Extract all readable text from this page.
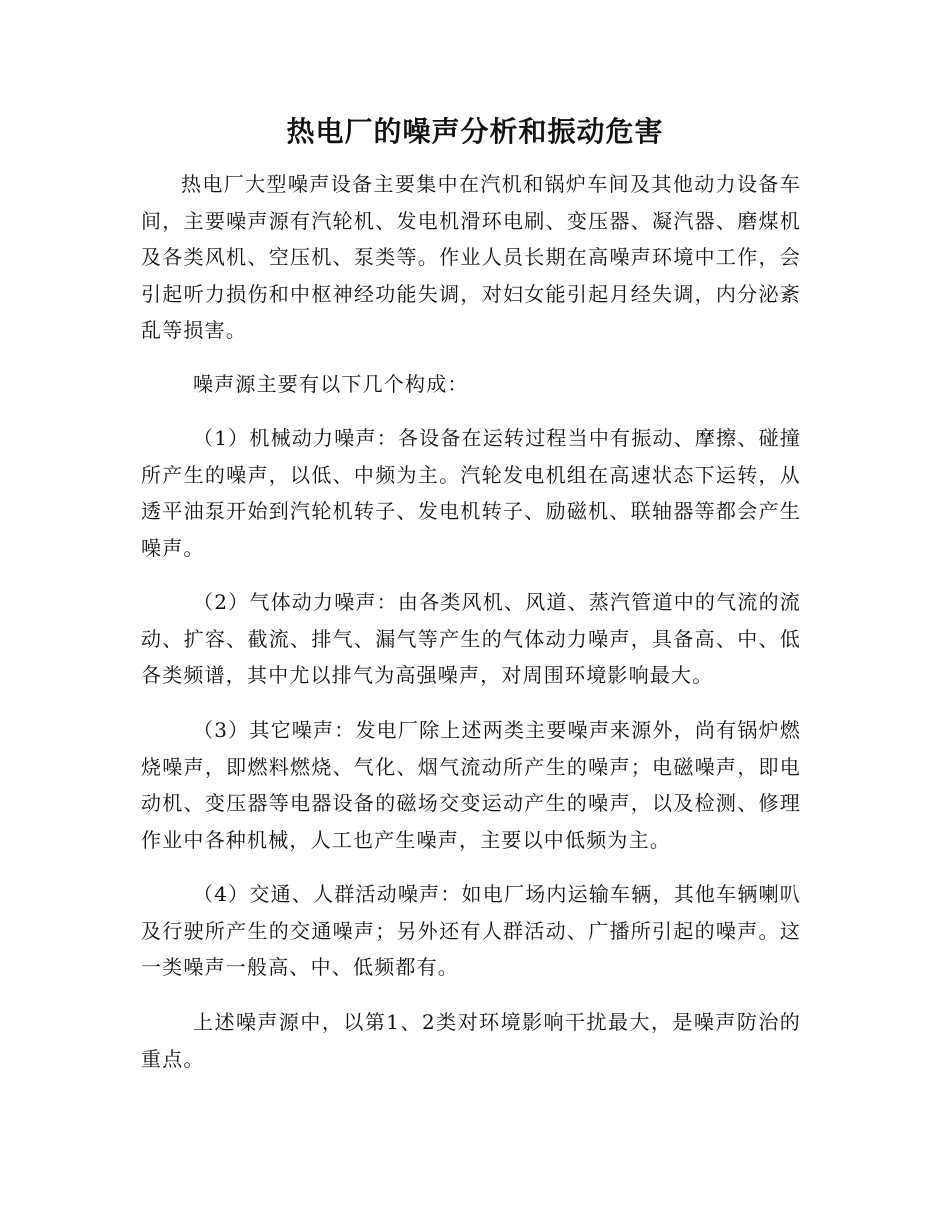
热电厂的噪声分析和振动危害

热电厂大型噪声设备主要集中在汽机和锅炉车间及其他动力设备车间，主要噪声源有汽轮机、发电机滑环电刷、变压器、凝汽器、磨煤机及各类风机、空压机、泵类等。作业人员长期在高噪声环境中工作，会引起听力损伤和中枢神经功能失调，对妇女能引起月经失调，内分泌紊乱等损害。

噪声源主要有以下几个构成：

（1）机械动力噪声：各设备在运转过程当中有振动、摩擦、碰撞所产生的噪声，以低、中频为主。汽轮发电机组在高速状态下运转，从透平油泵开始到汽轮机转子、发电机转子、励磁机、联轴器等都会产生噪声。

（2）气体动力噪声：由各类风机、风道、蒸汽管道中的气流的流动、扩容、截流、排气、漏气等产生的气体动力噪声，具备高、中、低各类频谱，其中尤以排气为高强噪声，对周围环境影响最大。

（3）其它噪声：发电厂除上述两类主要噪声来源外，尚有锅炉燃烧噪声，即燃料燃烧、气化、烟气流动所产生的噪声；电磁噪声，即电动机、变压器等电器设备的磁场交变运动产生的噪声，以及检测、修理作业中各种机械，人工也产生噪声，主要以中低频为主。

（4）交通、人群活动噪声：如电厂场内运输车辆，其他车辆喇叭及行驶所产生的交通噪声；另外还有人群活动、广播所引起的噪声。这一类噪声一般高、中、低频都有。

上述噪声源中，以第1、2类对环境影响干扰最大，是噪声防治的重点。
